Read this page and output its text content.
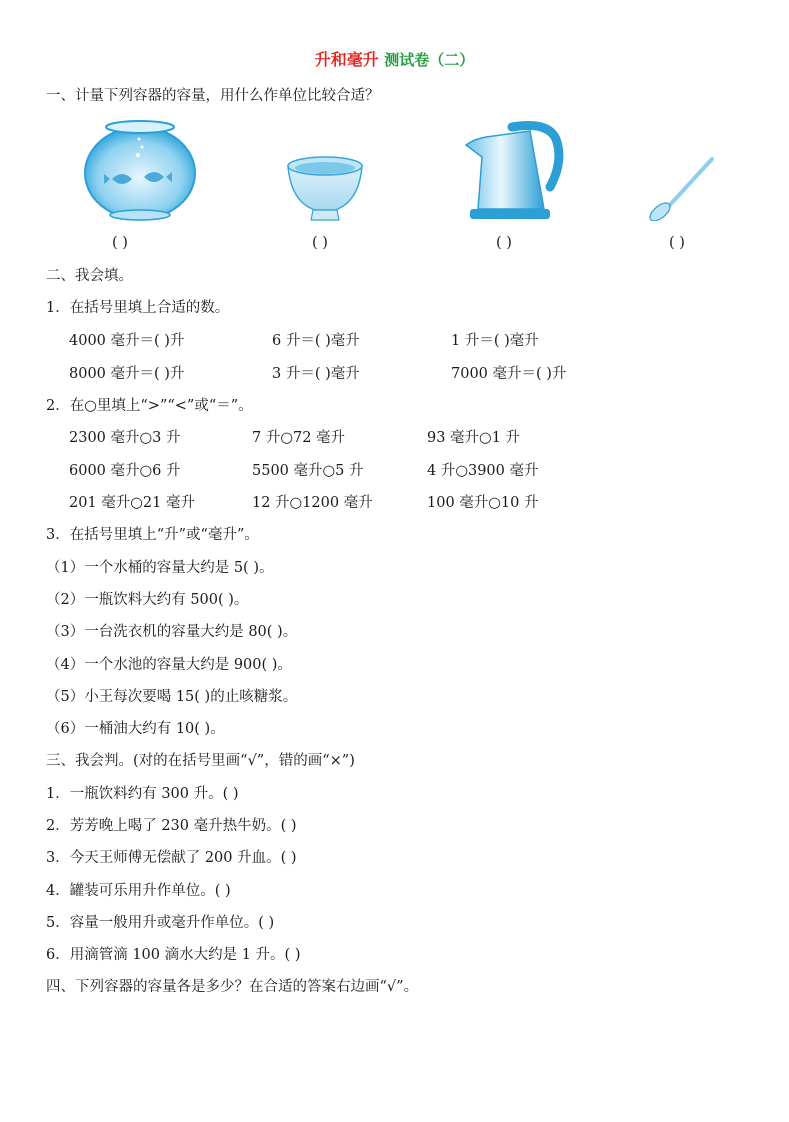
升和毫升 测试卷（二）
一、计量下列容器的容量，用什么作单位比较合适？
( )	( )	( )	( )
二、我会填。
1．在括号里填上合适的数。
4000 毫升＝( )升	6 升＝( )毫升	1 升＝( )毫升
8000 毫升＝( )升	3 升＝( )毫升	7000 毫升＝( )升
2．在○里填上“>”“<”或“＝”。
2300 毫升○3 升	7 升○72 毫升	93 毫升○1 升
6000 毫升○6 升	5500 毫升○5 升	4 升○3900 毫升
201 毫升○21 毫升	12 升○1200 毫升	100 毫升○10 升
3．在括号里填上“升”或“毫升”。
（1）一个水桶的容量大约是 5( )。
（2）一瓶饮料大约有 500( )。
（3）一台洗衣机的容量大约是 80( )。
（4）一个水池的容量大约是 900( )。
（5）小王每次要喝 15( )的止咳糖浆。
（6）一桶油大约有 10( )。
三、我会判。(对的在括号里画“√”，错的画“×”)
1．一瓶饮料约有 300 升。( )
2．芳芳晚上喝了 230 毫升热牛奶。( )
3．今天王师傅无偿献了 200 升血。( )
4．罐装可乐用升作单位。( )
5．容量一般用升或毫升作单位。( )
6．用滴管滴 100 滴水大约是 1 升。( )
四、下列容器的容量各是多少？在合适的答案右边画“√”。
